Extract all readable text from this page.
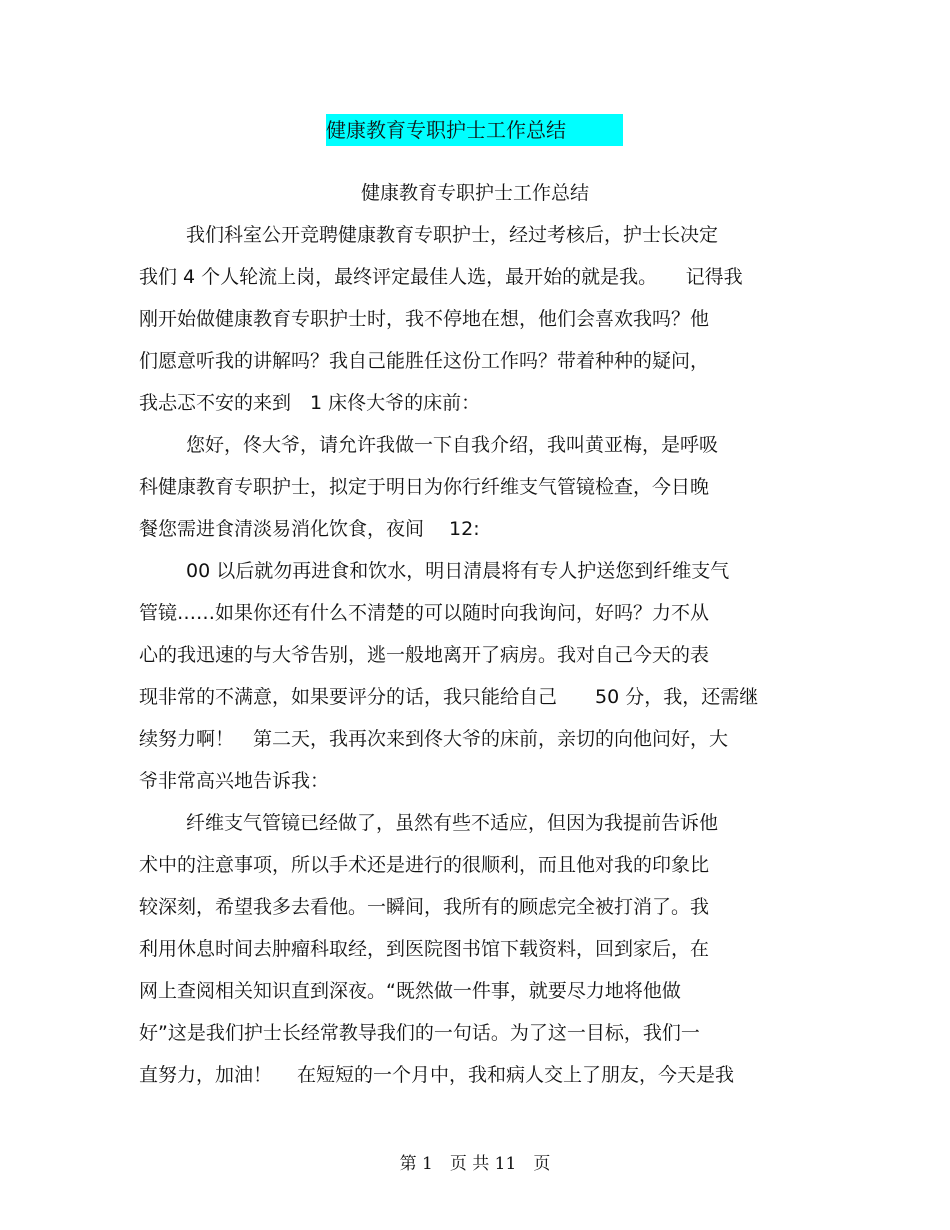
健康教育专职护士工作总结
健康教育专职护士工作总结
我们科室公开竞聘健康教育专职护士，经过考核后，护士长决定
我们 4 个人轮流上岗，最终评定最佳人选，最开始的就是我。　　记得我
刚开始做健康教育专职护士时，我不停地在想，他们会喜欢我吗？他
们愿意听我的讲解吗？我自己能胜任这份工作吗？带着种种的疑问，
我忐忑不安的来到　1 床佟大爷的床前：
您好，佟大爷，请允许我做一下自我介绍，我叫黄亚梅，是呼吸
科健康教育专职护士，拟定于明日为你行纤维支气管镜检查，今日晚
餐您需进食清淡易消化饮食，夜间　 12:
00 以后就勿再进食和饮水，明日清晨将有专人护送您到纤维支气
管镜……如果你还有什么不清楚的可以随时向我询问，好吗？力不从
心的我迅速的与大爷告别，逃一般地离开了病房。我对自己今天的表
现非常的不满意，如果要评分的话，我只能给自己　　50 分，我，还需继
续努力啊！　第二天，我再次来到佟大爷的床前，亲切的向他问好，大
爷非常高兴地告诉我：
纤维支气管镜已经做了，虽然有些不适应，但因为我提前告诉他
术中的注意事项，所以手术还是进行的很顺利，而且他对我的印象比
较深刻，希望我多去看他。一瞬间，我所有的顾虑完全被打消了。我
利用休息时间去肿瘤科取经，到医院图书馆下载资料，回到家后，在
网上查阅相关知识直到深夜。“既然做一件事，就要尽力地将他做
好”这是我们护士长经常教导我们的一句话。为了这一目标，我们一
直努力，加油！　 在短短的一个月中，我和病人交上了朋友，今天是我
第 1　页 共 11　页
